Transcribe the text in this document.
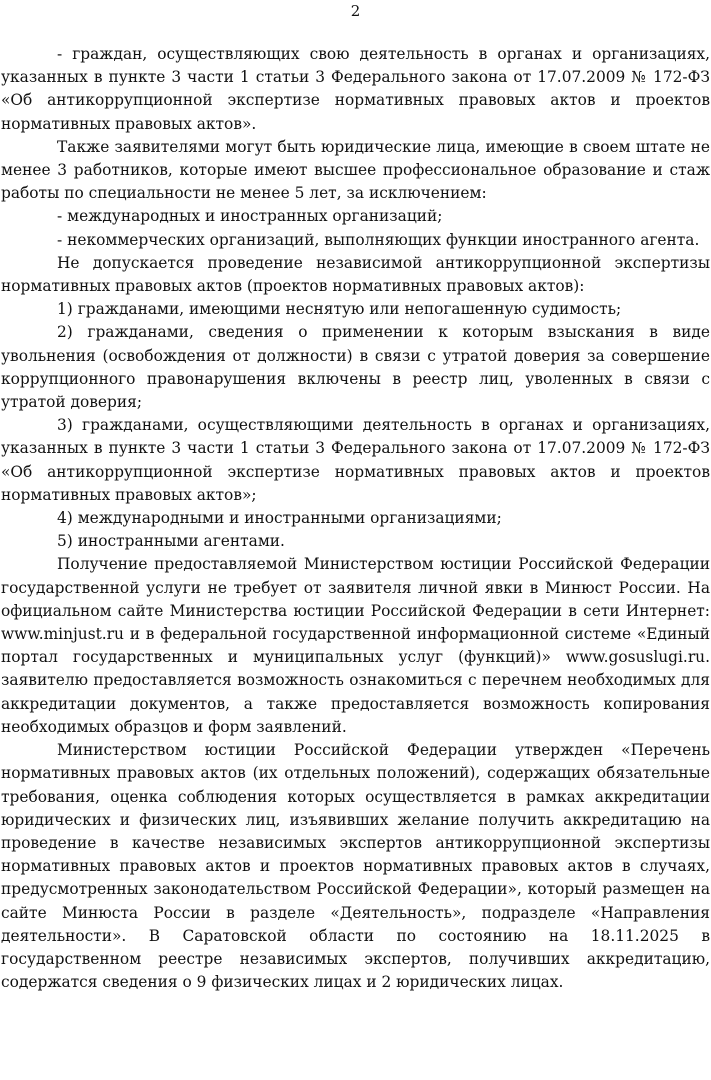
2

- граждан, осуществляющих свою деятельность в органах и организациях, указанных в пункте 3 части 1 статьи 3 Федерального закона от 17.07.2009 № 172-ФЗ «Об антикоррупционной экспертизе нормативных правовых актов и проектов нормативных правовых актов».

Также заявителями могут быть юридические лица, имеющие в своем штате не менее 3 работников, которые имеют высшее профессиональное образование и стаж работы по специальности не менее 5 лет, за исключением:

- международных и иностранных организаций;

- некоммерческих организаций, выполняющих функции иностранного агента.

Не допускается проведение независимой антикоррупционной экспертизы нормативных правовых актов (проектов нормативных правовых актов):

1) гражданами, имеющими неснятую или непогашенную судимость;

2) гражданами, сведения о применении к которым взыскания в виде увольнения (освобождения от должности) в связи с утратой доверия за совершение коррупционного правонарушения включены в реестр лиц, уволенных в связи с утратой доверия;

3) гражданами, осуществляющими деятельность в органах и организациях, указанных в пункте 3 части 1 статьи 3 Федерального закона от 17.07.2009 № 172-ФЗ «Об антикоррупционной экспертизе нормативных правовых актов и проектов нормативных правовых актов»;

4) международными и иностранными организациями;

5) иностранными агентами.

Получение предоставляемой Министерством юстиции Российской Федерации государственной услуги не требует от заявителя личной явки в Минюст России. На официальном сайте Министерства юстиции Российской Федерации в сети Интернет: www.minjust.ru и в федеральной государственной информационной системе «Единый портал государственных и муниципальных услуг (функций)» www.gosuslugi.ru. заявителю предоставляется возможность ознакомиться с перечнем необходимых для аккредитации документов, а также предоставляется возможность копирования необходимых образцов и форм заявлений.

Министерством юстиции Российской Федерации утвержден «Перечень нормативных правовых актов (их отдельных положений), содержащих обязательные требования, оценка соблюдения которых осуществляется в рамках аккредитации юридических и физических лиц, изъявивших желание получить аккредитацию на проведение в качестве независимых экспертов антикоррупционной экспертизы нормативных правовых актов и проектов нормативных правовых актов в случаях, предусмотренных законодательством Российской Федерации», который размещен на сайте Минюста России в разделе «Деятельность», подразделе «Направления деятельности». В Саратовской области по состоянию на 18.11.2025 в государственном реестре независимых экспертов, получивших аккредитацию, содержатся сведения о 9 физических лицах и 2 юридических лицах.
